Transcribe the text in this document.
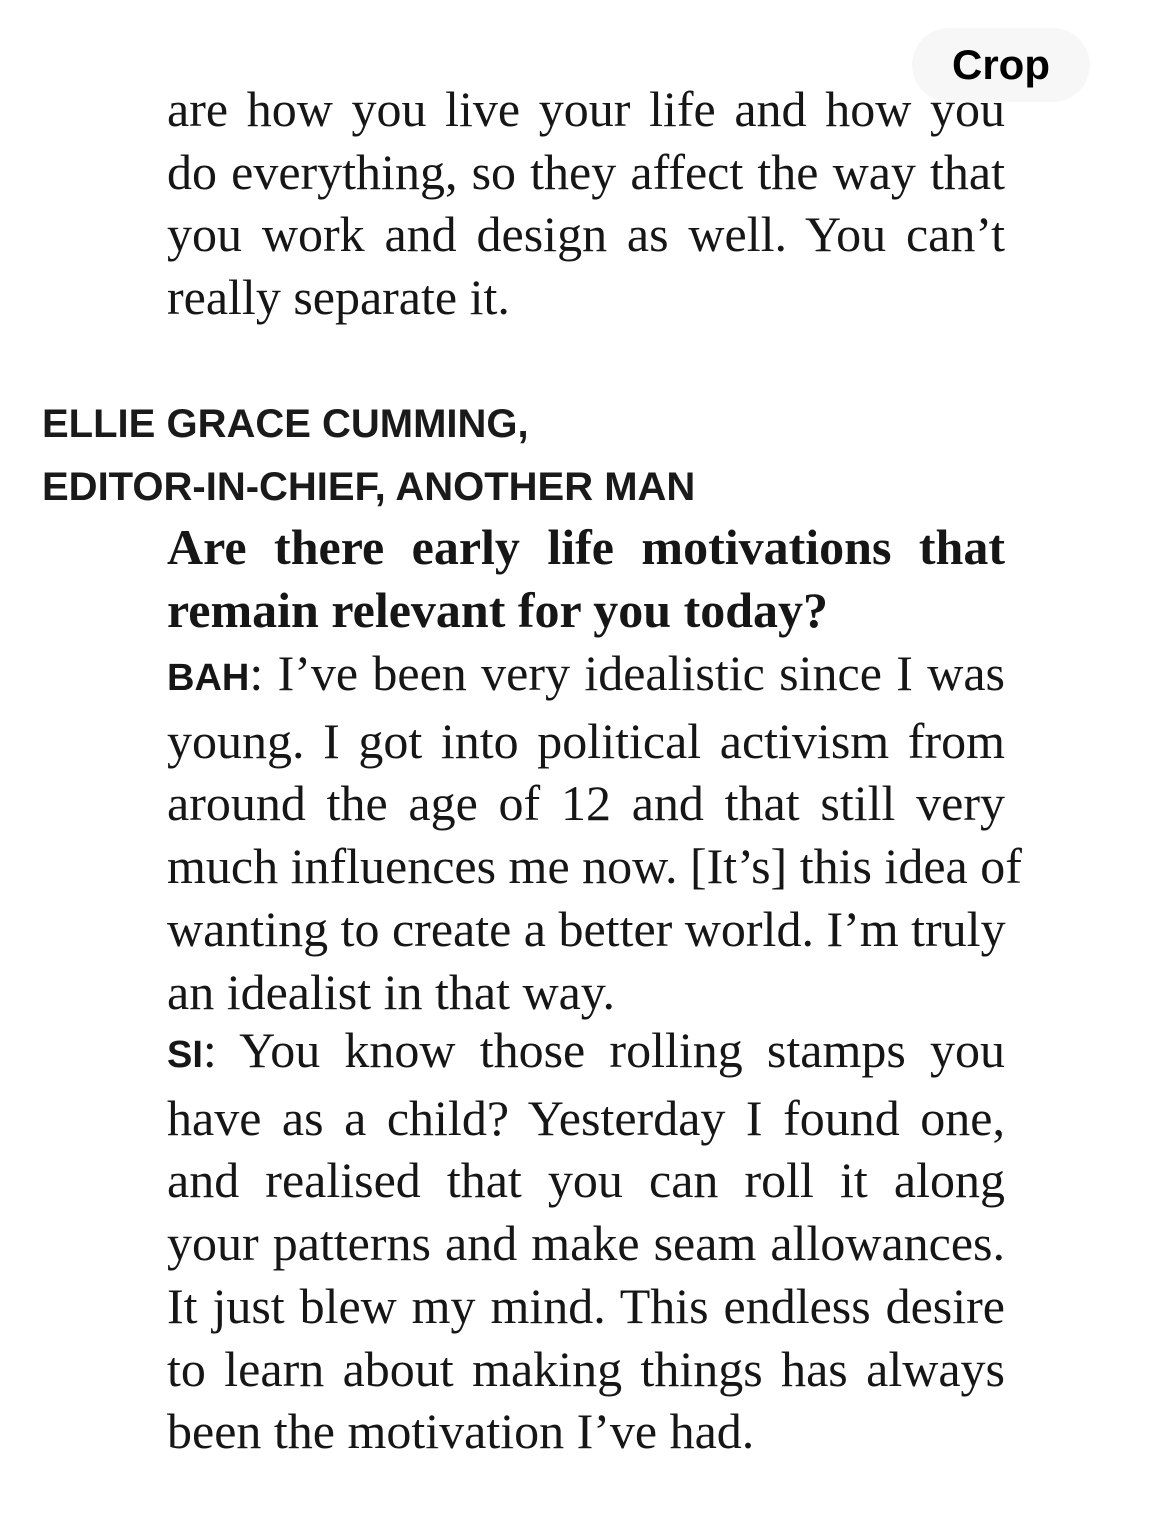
Crop
are how you live your life and how you
do everything, so they affect the way that
you work and design as well. You can’t
really separate it.
ELLIE GRACE CUMMING,
EDITOR-IN-CHIEF, ANOTHER MAN
Are there early life motivations that
remain relevant for you today?
BAH: I’ve been very idealistic since I was
young. I got into political activism from
around the age of 12 and that still very
much influences me now. [It’s] this idea of
wanting to create a better world. I’m truly
an idealist in that way.
SI: You know those rolling stamps you
have as a child? Yesterday I found one,
and realised that you can roll it along
your patterns and make seam allowances.
It just blew my mind. This endless desire
to learn about making things has always
been the motivation I’ve had.
